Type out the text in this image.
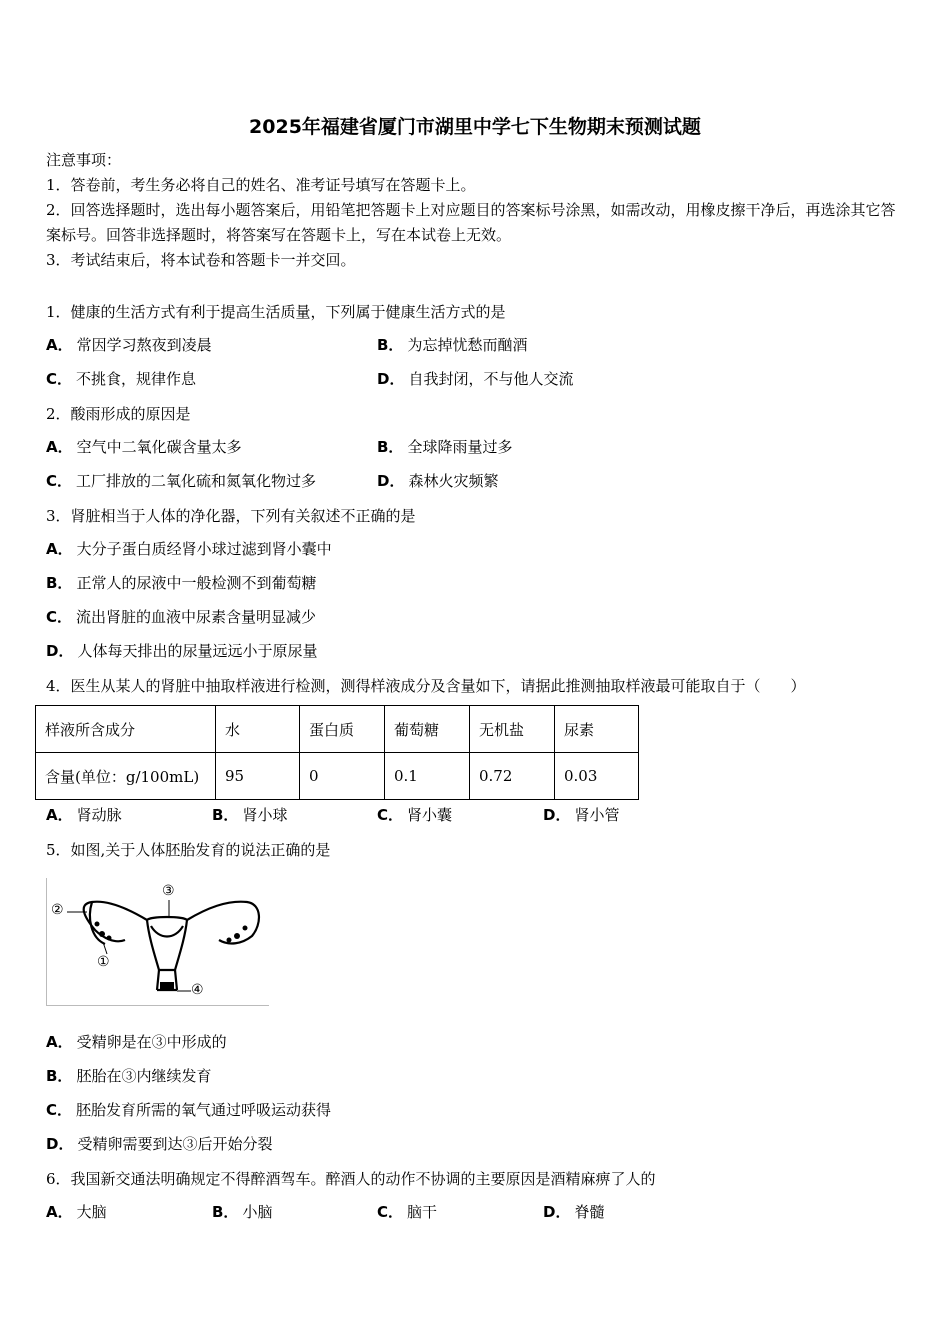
2025年福建省厦门市湖里中学七下生物期末预测试题
注意事项：
1．答卷前，考生务必将自己的姓名、准考证号填写在答题卡上。
2．回答选择题时，选出每小题答案后，用铅笔把答题卡上对应题目的答案标号涂黑，如需改动，用橡皮擦干净后，再选涂其它答案标号。回答非选择题时，将答案写在答题卡上，写在本试卷上无效。
3．考试结束后，将本试卷和答题卡一并交回。
1．健康的生活方式有利于提高生活质量，下列属于健康生活方式的是
A． 常因学习熬夜到凌晨	B． 为忘掉忧愁而酗酒
C． 不挑食，规律作息	D． 自我封闭，不与他人交流
2．酸雨形成的原因是
A． 空气中二氧化碳含量太多	B． 全球降雨量过多
C． 工厂排放的二氧化硫和氮氧化物过多	D． 森林火灾频繁
3．肾脏相当于人体的净化器，下列有关叙述不正确的是
A． 大分子蛋白质经肾小球过滤到肾小囊中
B． 正常人的尿液中一般检测不到葡萄糖
C． 流出肾脏的血液中尿素含量明显减少
D． 人体每天排出的尿量远远小于原尿量
4．医生从某人的肾脏中抽取样液进行检测，测得样液成分及含量如下，请据此推测抽取样液最可能取自于（　　）
样液所含成分	水	蛋白质	葡萄糖	无机盐	尿素
含量(单位：g/100mL)	95	0	0.1	0.72	0.03
A． 肾动脉	B． 肾小球	C． 肾小囊	D． 肾小管
5．如图,关于人体胚胎发育的说法正确的是
②
①
③
④
A． 受精卵是在③中形成的
B． 胚胎在③内继续发育
C． 胚胎发育所需的氧气通过呼吸运动获得
D． 受精卵需要到达③后开始分裂
6．我国新交通法明确规定不得醉酒驾车。醉酒人的动作不协调的主要原因是酒精麻痹了人的
A． 大脑	B． 小脑	C． 脑干	D． 脊髓
